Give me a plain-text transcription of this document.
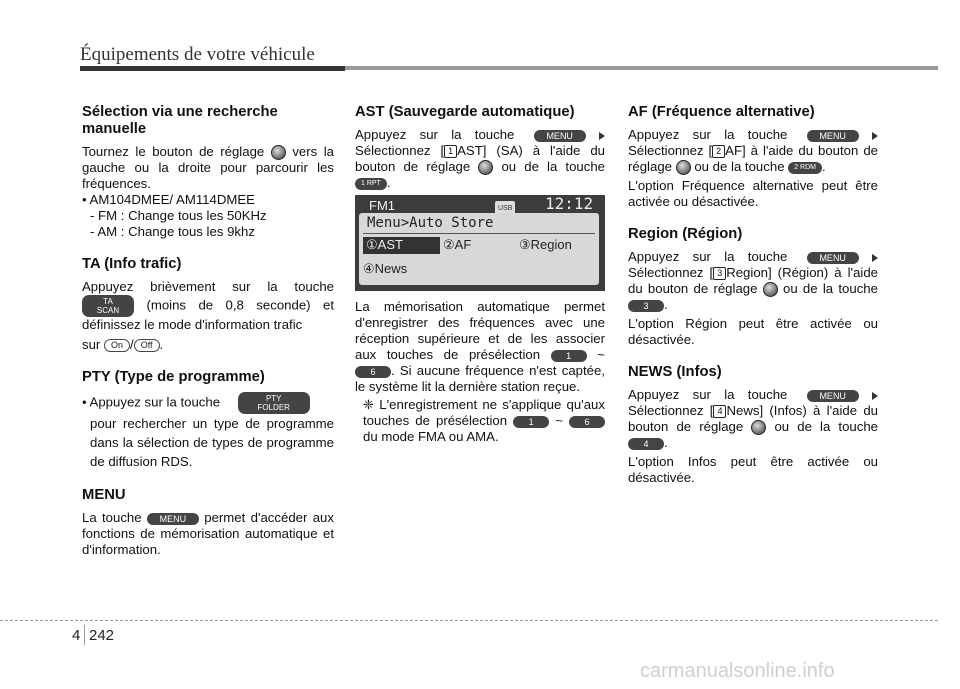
Équipements de votre véhicule
Sélection via une recherche manuelle

Tournez le bouton de réglage vers la gauche ou la droite pour parcourir les fréquences.

• AM104DMEE/ AM114DMEE
- FM : Change tous les 50KHz
- AM : Change tous les 9khz
TA (Info trafic)

Appuyez brièvement sur la touche TA
SCAN (moins de 0,8 seconde) et définissez le mode d'information trafic

sur On / Off .
PTY (Type de programme)

• Appuyez sur la touche	PTY
FOLDER

pour rechercher un type de programme dans la sélection de types de programme de diffusion RDS.

MENU

La touche MENU permet d'accéder aux fonctions de mémorisation automatique et d'information.

AST (Sauvegarde automatique)

Appuyez sur la touche	MENU  Sélectionnez [ 1 AST] (SA) à l'aide du bouton de réglage ou de la touche 1 RPT .

FM1	USB 12:12
Menu>Auto Store
①AST	②AF	③Region
④News

La mémorisation automatique permet d'enregistrer des fréquences avec une réception supérieure et de les associer aux touches de présélection	1 ~ 6 . Si aucune fréquence n'est captée, le système lit la dernière station reçue.

❈ L'enregistrement ne s'applique qu'aux touches de présélection 1 ~ 6 du mode FMA ou AMA.

AF (Fréquence alternative)

Appuyez sur la touche	MENU  Sélectionnez [ 2 AF] à l'aide du bouton de réglage ou de la touche 2 RDM .

L'option Fréquence alternative peut être activée ou désactivée.

Region (Région)

Appuyez sur la touche	MENU  Sélectionnez [ 3 Region] (Région) à l'aide du bouton de réglage ou de la touche 3 .

L'option Région peut être activée ou désactivée.

NEWS (Infos)

Appuyez sur la touche	MENU  Sélectionnez [ 4 News] (Infos) à l'aide du bouton de réglage ou de la touche 4 .

L'option Infos peut être activée ou désactivée.

4 242
carmanualsonline.info
